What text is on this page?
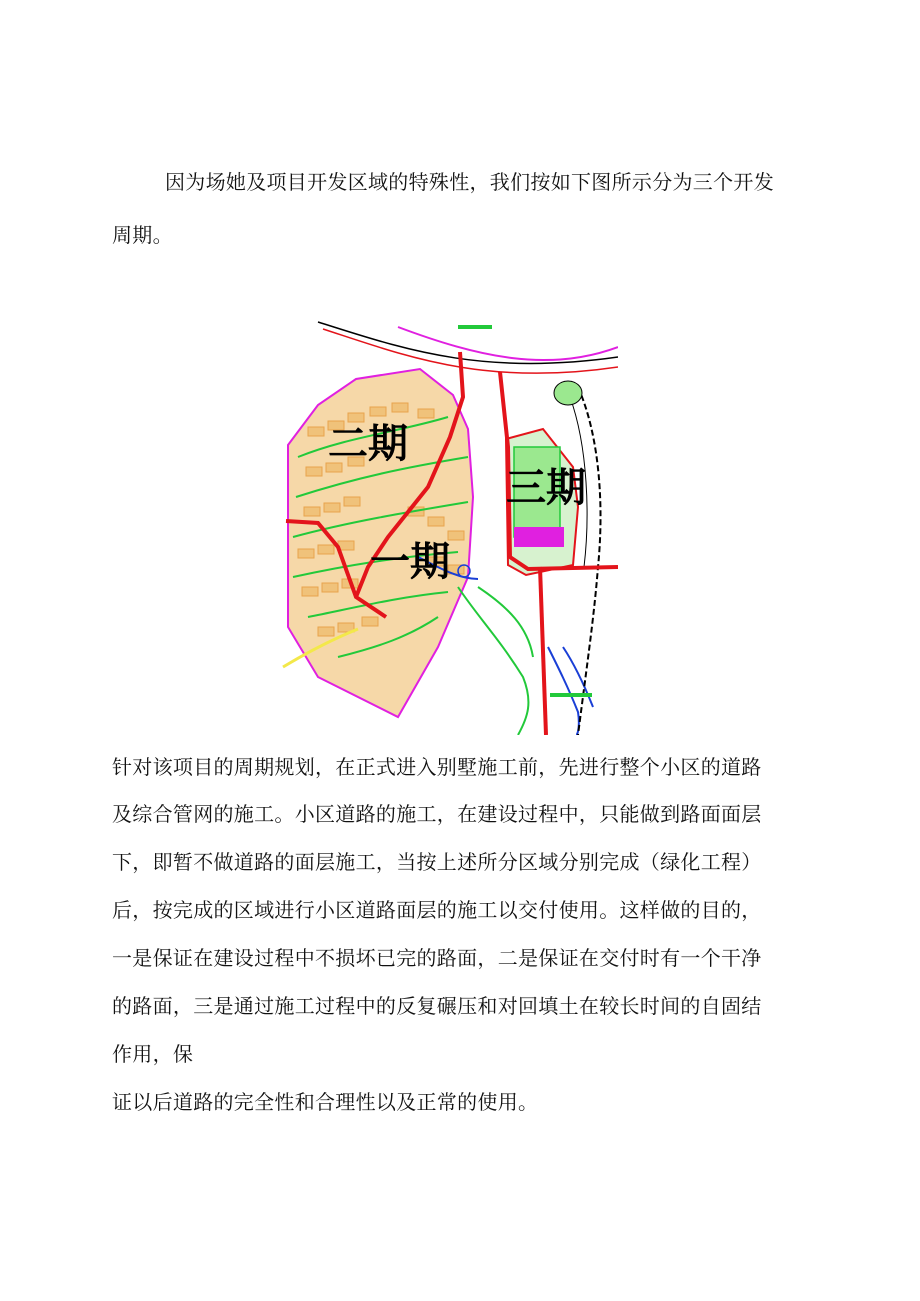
因为场她及项目开发区域的特殊性，我们按如下图所示分为三个开发
周期。
二期
三期
一期
针对该项目的周期规划，在正式进入别墅施工前，先进行整个小区的道路
及综合管网的施工。小区道路的施工，在建设过程中，只能做到路面面层
下，即暂不做道路的面层施工，当按上述所分区域分别完成（绿化工程）
后，按完成的区域进行小区道路面层的施工以交付使用。这样做的目的，
一是保证在建设过程中不损坏已完的路面，二是保证在交付时有一个干净
的路面，三是通过施工过程中的反复碾压和对回填土在较长时间的自固结
作用，保
证以后道路的完全性和合理性以及正常的使用。
